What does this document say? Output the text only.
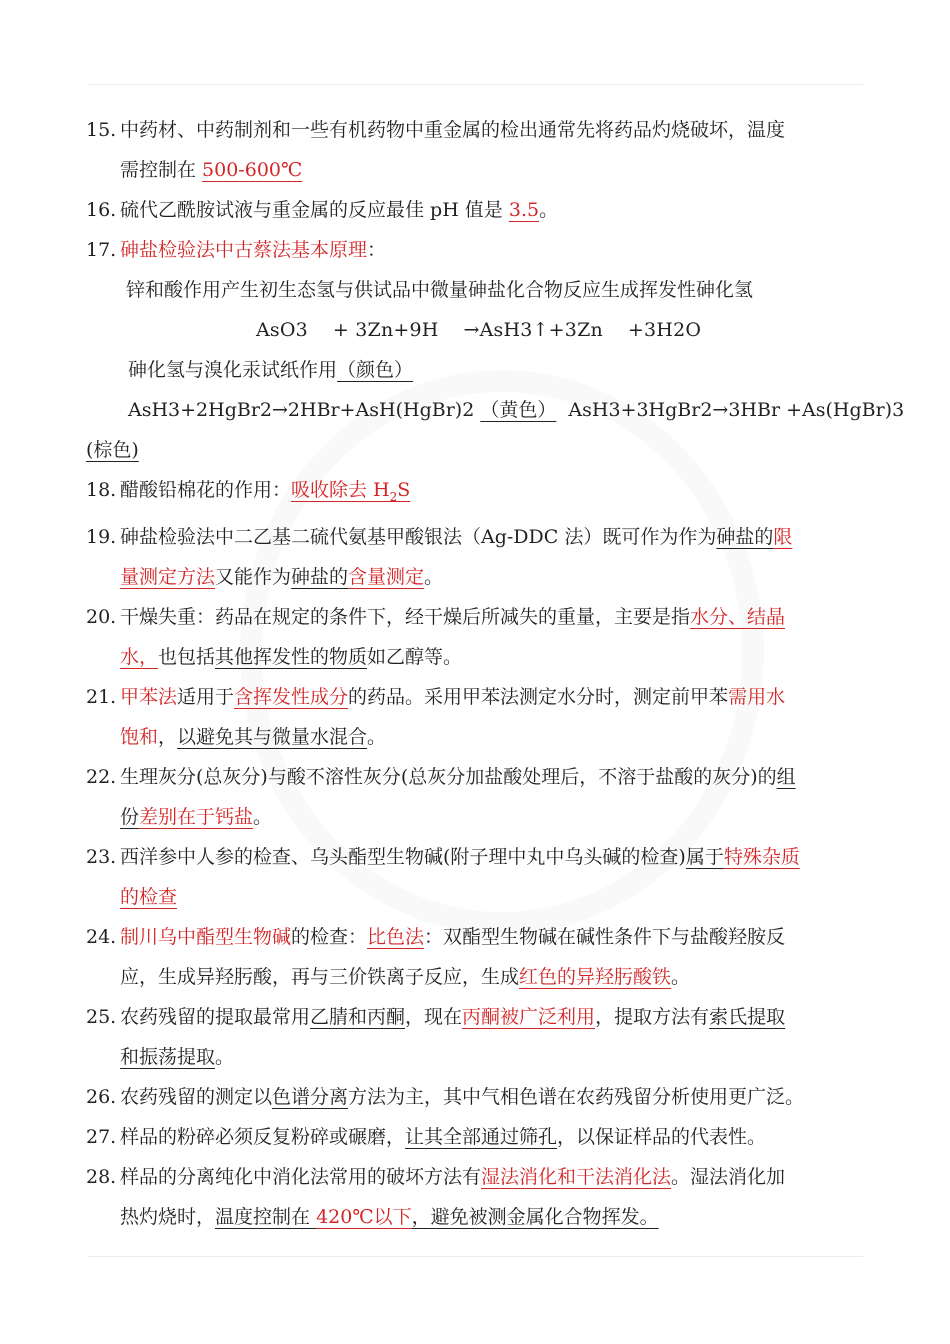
15. 中药材、中药制剂和一些有机药物中重金属的检出通常先将药品灼烧破坏，温度
需控制在 500-600℃
16. 硫代乙酰胺试液与重金属的反应最佳 pH 值是 3.5。
17. 砷盐检验法中古蔡法基本原理：
锌和酸作用产生初生态氢与供试品中微量砷盐化合物反应生成挥发性砷化氢
AsO3    + 3Zn+9H    →AsH3↑+3Zn    +3H2O
砷化氢与溴化汞试纸作用（颜色）
AsH3+2HgBr2→2HBr+AsH(HgBr)2 （黄色）  AsH3+3HgBr2→3HBr +As(HgBr)3
(棕色)
18. 醋酸铅棉花的作用：吸收除去 $H_2S$
19. 砷盐检验法中二乙基二硫代氨基甲酸银法（Ag-DDC 法）既可作为作为砷盐的限
量测定方法又能作为砷盐的含量测定。
20. 干燥失重：药品在规定的条件下，经干燥后所减失的重量，主要是指水分、结晶
水，也包括其他挥发性的物质如乙醇等。
21. 甲苯法适用于含挥发性成分的药品。采用甲苯法测定水分时，测定前甲苯需用水
饱和，以避免其与微量水混合。
22. 生理灰分(总灰分)与酸不溶性灰分(总灰分加盐酸处理后，不溶于盐酸的灰分)的组
份差别在于钙盐。
23. 西洋参中人参的检查、乌头酯型生物碱(附子理中丸中乌头碱的检查)属于特殊杂质
的检查
24. 制川乌中酯型生物碱的检查：比色法：双酯型生物碱在碱性条件下与盐酸羟胺反
应，生成异羟肟酸，再与三价铁离子反应，生成红色的异羟肟酸铁。
25. 农药残留的提取最常用乙腈和丙酮，现在丙酮被广泛利用，提取方法有索氏提取
和振荡提取。
26. 农药残留的测定以色谱分离方法为主，其中气相色谱在农药残留分析使用更广泛。
27. 样品的粉碎必须反复粉碎或碾磨，让其全部通过筛孔，以保证样品的代表性。
28. 样品的分离纯化中消化法常用的破坏方法有湿法消化和干法消化法。湿法消化加
热灼烧时，温度控制在 420℃以下，避免被测金属化合物挥发。
